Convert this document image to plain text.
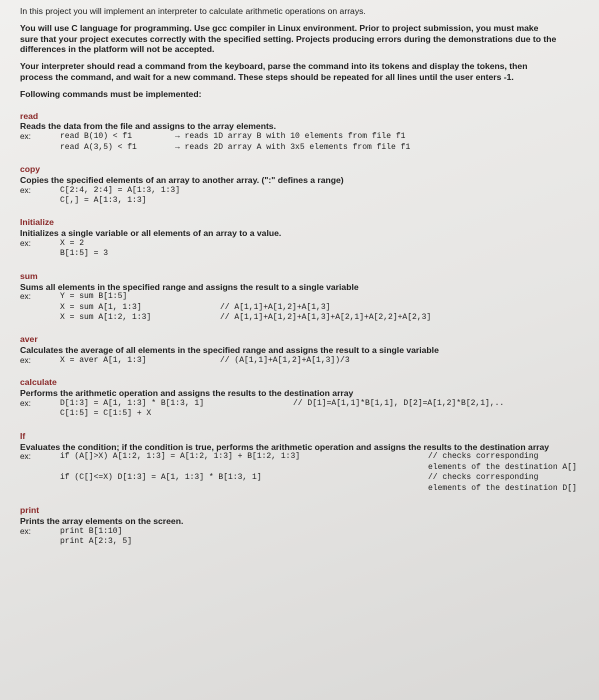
In this project you will implement an interpreter to calculate arithmetic operations on arrays.

You will use C language for programming. Use gcc compiler in Linux environment. Prior to project submission, you must make

sure that your project executes correctly with the specified setting. Projects producing errors during the demonstrations due to the

differences in the platform will not be accepted.

Your interpreter should read a command from the keyboard, parse the command into its tokens and display the tokens, then

process the command, and wait for a new command. These steps should be repeated for all lines until the user enters -1.

Following commands must be implemented:

read

Reads the data from the file and assigns to the array elements.

ex:	read B(10) < f1	→ reads 1D array B with 10 elements from file f1
read A(3,5) < f1	→ reads 2D array A with 3x5 elements from file f1

copy

Copies the specified elements of an array to another array. (":" defines a range)

ex:	C[2:4, 2:4] = A[1:3, 1:3]
C[,] = A[1:3, 1:3]

Initialize

Initializes a single variable or all elements of an array to a value.

ex:	X = 2
B[1:5] = 3

sum

Sums all elements in the specified range and assigns the result to a single variable

ex:	Y = sum B[1:5]
X = sum A[1, 1:3]	// A[1,1]+A[1,2]+A[1,3]
X = sum A[1:2, 1:3]	// A[1,1]+A[1,2]+A[1,3]+A[2,1]+A[2,2]+A[2,3]

aver

Calculates the average of all elements in the specified range and assigns the result to a single variable

ex:	X = aver A[1, 1:3]	// (A[1,1]+A[1,2]+A[1,3])/3

calculate

Performs the arithmetic operation and assigns the results to the destination array

ex:	D[1:3] = A[1, 1:3] * B[1:3, 1]	// D[1]=A[1,1]*B[1,1], D[2]=A[1,2]*B[2,1],..
C[1:5] = C[1:5] + X

If

Evaluates the condition; if the condition is true, performs the arithmetic operation and assigns the results to the destination array

ex:	if (A[]>X) A[1:2, 1:3] = A[1:2, 1:3] + B[1:2, 1:3]	// checks corresponding
elements of the destination A[]
if (C[]<=X) D[1:3] = A[1, 1:3] * B[1:3, 1]	// checks corresponding
elements of the destination D[]

print

Prints the array elements on the screen.

ex:	print B[1:10]
print A[2:3, 5]
